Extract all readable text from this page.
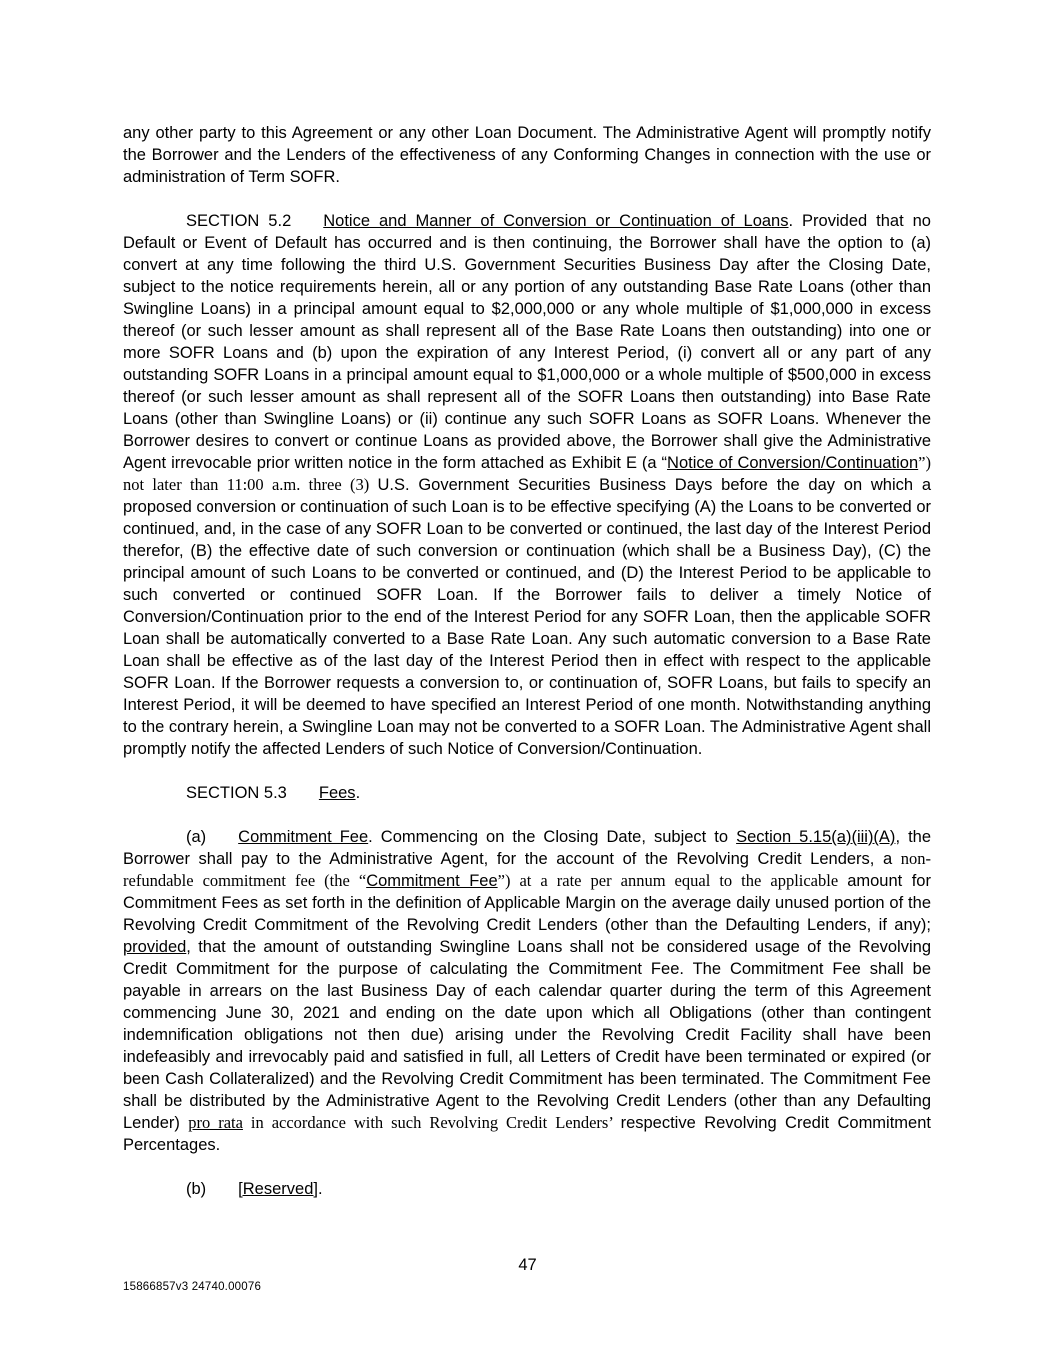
any other party to this Agreement or any other Loan Document. The Administrative Agent will promptly notify the Borrower and the Lenders of the effectiveness of any Conforming Changes in connection with the use or administration of Term SOFR.

SECTION 5.2 Notice and Manner of Conversion or Continuation of Loans. Provided that no Default or Event of Default has occurred and is then continuing, the Borrower shall have the option to (a) convert at any time following the third U.S. Government Securities Business Day after the Closing Date, subject to the notice requirements herein, all or any portion of any outstanding Base Rate Loans (other than Swingline Loans) in a principal amount equal to $2,000,000 or any whole multiple of $1,000,000 in excess thereof (or such lesser amount as shall represent all of the Base Rate Loans then outstanding) into one or more SOFR Loans and (b) upon the expiration of any Interest Period, (i) convert all or any part of any outstanding SOFR Loans in a principal amount equal to $1,000,000 or a whole multiple of $500,000 in excess thereof (or such lesser amount as shall represent all of the SOFR Loans then outstanding) into Base Rate Loans (other than Swingline Loans) or (ii) continue any such SOFR Loans as SOFR Loans. Whenever the Borrower desires to convert or continue Loans as provided above, the Borrower shall give the Administrative Agent irrevocable prior written notice in the form attached as Exhibit E (a “Notice of Conversion/Continuation”) not later than 11:00 a.m. three (3) U.S. Government Securities Business Days before the day on which a proposed conversion or continuation of such Loan is to be effective specifying (A) the Loans to be converted or continued, and, in the case of any SOFR Loan to be converted or continued, the last day of the Interest Period therefor, (B) the effective date of such conversion or continuation (which shall be a Business Day), (C) the principal amount of such Loans to be converted or continued, and (D) the Interest Period to be applicable to such converted or continued SOFR Loan. If the Borrower fails to deliver a timely Notice of Conversion/Continuation prior to the end of the Interest Period for any SOFR Loan, then the applicable SOFR Loan shall be automatically converted to a Base Rate Loan. Any such automatic conversion to a Base Rate Loan shall be effective as of the last day of the Interest Period then in effect with respect to the applicable SOFR Loan. If the Borrower requests a conversion to, or continuation of, SOFR Loans, but fails to specify an Interest Period, it will be deemed to have specified an Interest Period of one month. Notwithstanding anything to the contrary herein, a Swingline Loan may not be converted to a SOFR Loan. The Administrative Agent shall promptly notify the affected Lenders of such Notice of Conversion/Continuation.

SECTION 5.3 Fees.

(a) Commitment Fee. Commencing on the Closing Date, subject to Section 5.15(a)(iii)(A), the Borrower shall pay to the Administrative Agent, for the account of the Revolving Credit Lenders, a non-refundable commitment fee (the “Commitment Fee”) at a rate per annum equal to the applicable amount for Commitment Fees as set forth in the definition of Applicable Margin on the average daily unused portion of the Revolving Credit Commitment of the Revolving Credit Lenders (other than the Defaulting Lenders, if any); provided, that the amount of outstanding Swingline Loans shall not be considered usage of the Revolving Credit Commitment for the purpose of calculating the Commitment Fee. The Commitment Fee shall be payable in arrears on the last Business Day of each calendar quarter during the term of this Agreement commencing June 30, 2021 and ending on the date upon which all Obligations (other than contingent indemnification obligations not then due) arising under the Revolving Credit Facility shall have been indefeasibly and irrevocably paid and satisfied in full, all Letters of Credit have been terminated or expired (or been Cash Collateralized) and the Revolving Credit Commitment has been terminated. The Commitment Fee shall be distributed by the Administrative Agent to the Revolving Credit Lenders (other than any Defaulting Lender) pro rata in accordance with such Revolving Credit Lenders’ respective Revolving Credit Commitment Percentages.

(b) [Reserved].

47
15866857v3 24740.00076
